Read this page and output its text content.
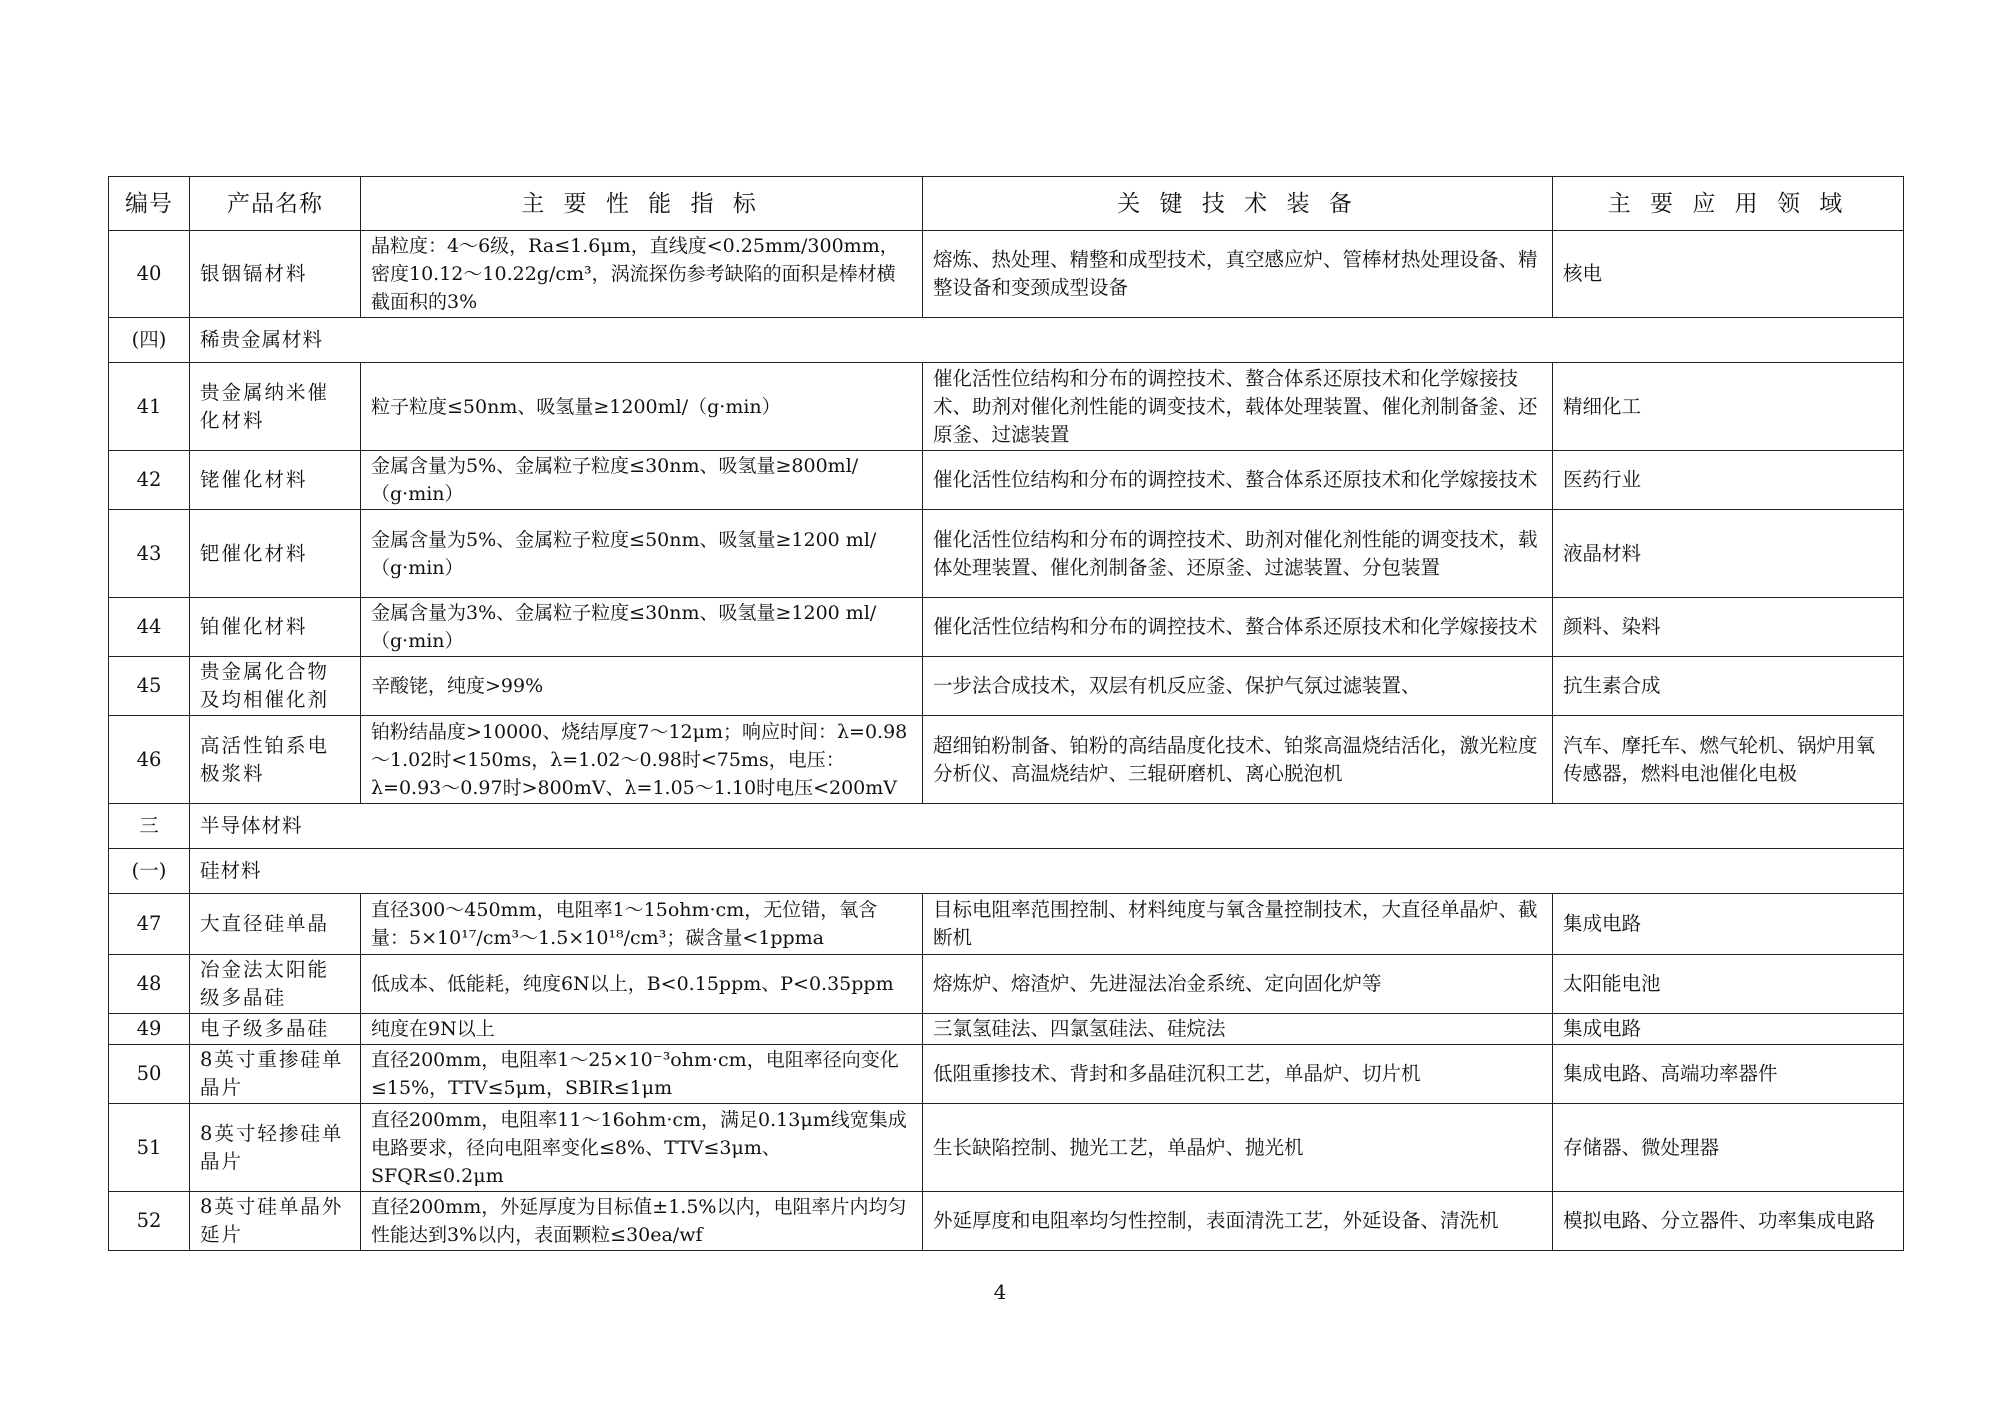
编号	产品名称	主 要 性 能 指 标	关 键 技 术 装 备	主 要 应 用 领 域
40	银铟镉材料	晶粒度：4～6级，Ra≤1.6μm，直线度<0.25mm/300mm，密度10.12～10.22g/cm³，涡流探伤参考缺陷的面积是棒材横截面积的3%	熔炼、热处理、精整和成型技术，真空感应炉、管棒材热处理设备、精整设备和变颈成型设备	核电
(四)	稀贵金属材料			
41	贵金属纳米催化材料	粒子粒度≤50nm、吸氢量≥1200ml/（g·min）	催化活性位结构和分布的调控技术、螯合体系还原技术和化学嫁接技术、助剂对催化剂性能的调变技术，载体处理装置、催化剂制备釜、还原釜、过滤装置	精细化工
42	铑催化材料	金属含量为5%、金属粒子粒度≤30nm、吸氢量≥800ml/（g·min）	催化活性位结构和分布的调控技术、螯合体系还原技术和化学嫁接技术	医药行业
43	钯催化材料	金属含量为5%、金属粒子粒度≤50nm、吸氢量≥1200 ml/（g·min）	催化活性位结构和分布的调控技术、助剂对催化剂性能的调变技术，载体处理装置、催化剂制备釜、还原釜、过滤装置、分包装置	液晶材料
44	铂催化材料	金属含量为3%、金属粒子粒度≤30nm、吸氢量≥1200 ml/（g·min）	催化活性位结构和分布的调控技术、螯合体系还原技术和化学嫁接技术	颜料、染料
45	贵金属化合物及均相催化剂	辛酸铑，纯度>99%	一步法合成技术，双层有机反应釜、保护气氛过滤装置、	抗生素合成
46	高活性铂系电极浆料	铂粉结晶度>10000、烧结厚度7～12μm；响应时间：λ=0.98～1.02时<150ms，λ=1.02～0.98时<75ms，电压：λ=0.93～0.97时>800mV、λ=1.05～1.10时电压<200mV	超细铂粉制备、铂粉的高结晶度化技术、铂浆高温烧结活化，激光粒度分析仪、高温烧结炉、三辊研磨机、离心脱泡机	汽车、摩托车、燃气轮机、锅炉用氧传感器，燃料电池催化电极
三	半导体材料			
(一)	硅材料			
47	大直径硅单晶	直径300～450mm，电阻率1～15ohm·cm，无位错，氧含量：5×10¹⁷/cm³～1.5×10¹⁸/cm³；碳含量<1ppma	目标电阻率范围控制、材料纯度与氧含量控制技术，大直径单晶炉、截断机	集成电路
48	冶金法太阳能级多晶硅	低成本、低能耗，纯度6N以上，B<0.15ppm、P<0.35ppm	熔炼炉、熔渣炉、先进湿法冶金系统、定向固化炉等	太阳能电池
49	电子级多晶硅	纯度在9N以上	三氯氢硅法、四氯氢硅法、硅烷法	集成电路
50	8英寸重掺硅单晶片	直径200mm，电阻率1～25×10⁻³ohm·cm，电阻率径向变化≤15%，TTV≤5μm，SBIR≤1μm	低阻重掺技术、背封和多晶硅沉积工艺，单晶炉、切片机	集成电路、高端功率器件
51	8英寸轻掺硅单晶片	直径200mm，电阻率11～16ohm·cm，满足0.13μm线宽集成电路要求，径向电阻率变化≤8%、TTV≤3μm、SFQR≤0.2μm	生长缺陷控制、抛光工艺，单晶炉、抛光机	存储器、微处理器
52	8英寸硅单晶外延片	直径200mm，外延厚度为目标值±1.5%以内，电阻率片内均匀性能达到3%以内，表面颗粒≤30ea/wf	外延厚度和电阻率均匀性控制，表面清洗工艺，外延设备、清洗机	模拟电路、分立器件、功率集成电路
4
